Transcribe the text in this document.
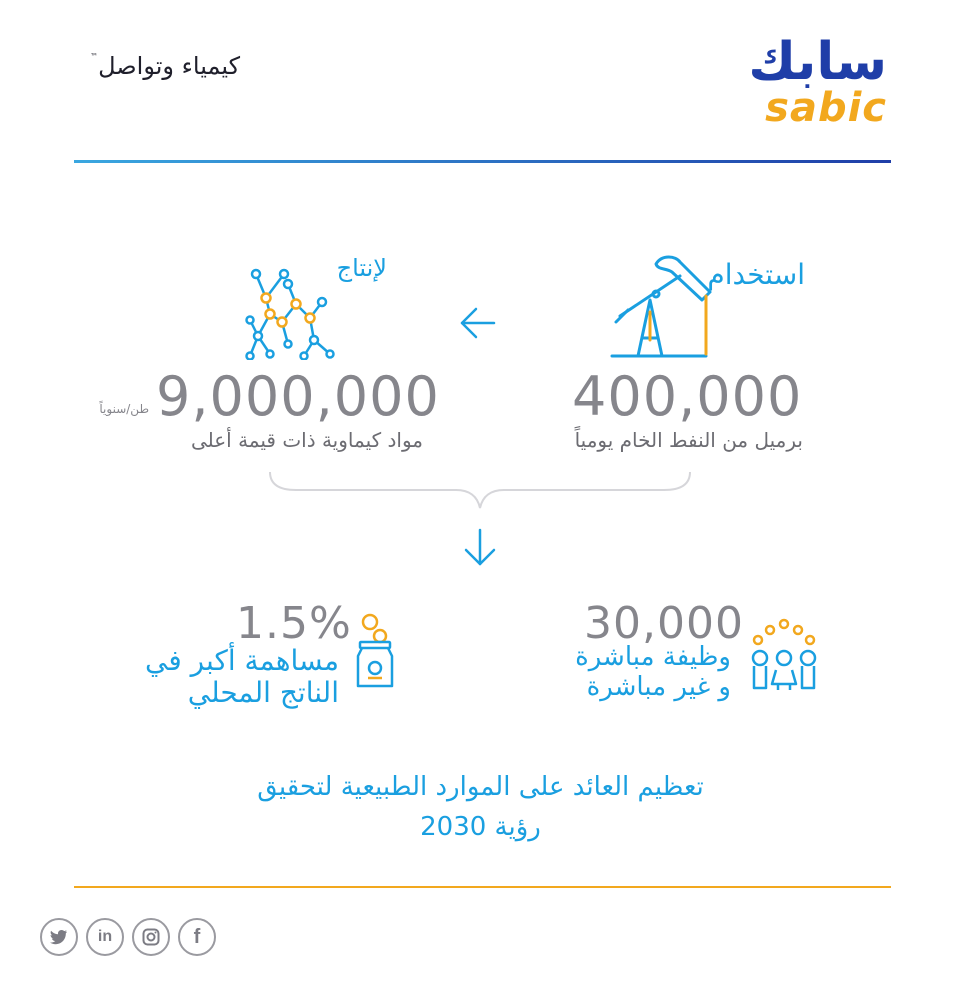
كيمياء وتواصل™	سابك
sabic
استخدام
400,000
برميل من النفط الخام يومياً
لإنتاج
طن/سنوياً 9,000,000
مواد كيماوية ذات قيمة أعلى
30,000
وظيفة مباشرة
و غير مباشرة
1.5%
مساهمة أكبر في
الناتج المحلي
تعظيم العائد على الموارد الطبيعية لتحقيق
رؤية 2030
in	f
